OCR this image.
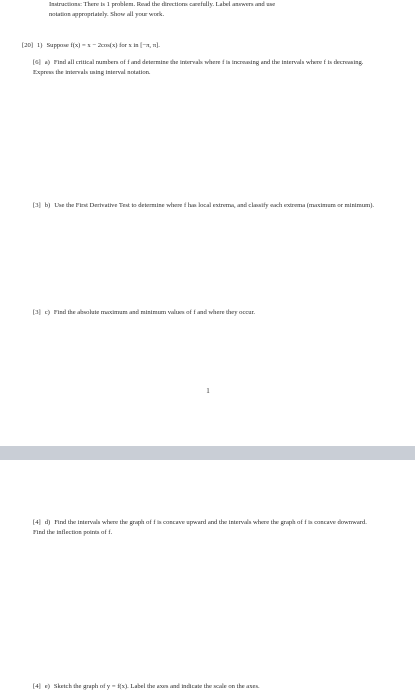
Instructions: There is 1 problem. Read the directions carefully. Label answers and use
notation appropriately. Show all your work.
[20] 1) Suppose f(x) = x − 2cos(x) for x in [−π, π].
[6] a) Find all critical numbers of f and determine the intervals where f is increasing and the intervals where f is decreasing. Express the intervals using interval notation.
[3] b) Use the First Derivative Test to determine where f has local extrema, and classify each extrema (maximum or minimum).
[3] c) Find the absolute maximum and minimum values of f and where they occur.
1
[4] d) Find the intervals where the graph of f is concave upward and the intervals where the graph of f is concave downward. Find the inflection points of f.
[4] e) Sketch the graph of y = f(x). Label the axes and indicate the scale on the axes.
